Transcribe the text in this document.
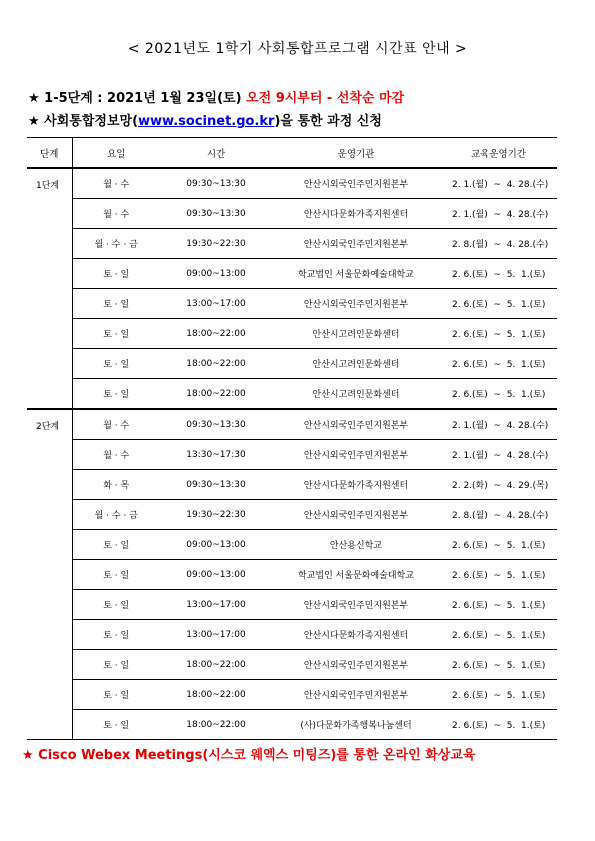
< 2021년도 1학기 사회통합프로그램 시간표 안내 >
★ 1-5단계 : 2021년 1월 23일(토) 오전 9시부터 - 선착순 마감
★ 사회통합정보망(www.socinet.go.kr)을 통한 과정 신청
단계	요일	시간	운영기관	교육운영기간
1단계	월 · 수	09:30~13:30	안산시외국인주민지원본부	2. 1.(월)  ~  4. 28.(수)
	월 · 수	09:30~13:30	안산시다문화가족지원센터	2. 1.(월)  ~  4. 28.(수)
	월 · 수 · 금	19:30~22:30	안산시외국인주민지원본부	2. 8.(월)  ~  4. 28.(수)
	토 · 일	09:00~13:00	학교법인 서울문화예술대학교	2. 6.(토)  ~  5.  1.(토)
	토 · 일	13:00~17:00	안산시외국인주민지원본부	2. 6.(토)  ~  5.  1.(토)
	토 · 일	18:00~22:00	안산시고려인문화센터	2. 6.(토)  ~  5.  1.(토)
	토 · 일	18:00~22:00	안산시고려인문화센터	2. 6.(토)  ~  5.  1.(토)
	토 · 일	18:00~22:00	안산시고려인문화센터	2. 6.(토)  ~  5.  1.(토)
2단계	월 · 수	09:30~13:30	안산시외국인주민지원본부	2. 1.(월)  ~  4. 28.(수)
	월 · 수	13:30~17:30	안산시외국인주민지원본부	2. 1.(월)  ~  4. 28.(수)
	화 · 목	09:30~13:30	안산시다문화가족지원센터	2. 2.(화)  ~  4. 29.(목)
	월 · 수 · 금	19:30~22:30	안산시외국인주민지원본부	2. 8.(월)  ~  4. 28.(수)
	토 · 일	09:00~13:00	안산용신학교	2. 6.(토)  ~  5.  1.(토)
	토 · 일	09:00~13:00	학교법인 서울문화예술대학교	2. 6.(토)  ~  5.  1.(토)
	토 · 일	13:00~17:00	안산시외국인주민지원본부	2. 6.(토)  ~  5.  1.(토)
	토 · 일	13:00~17:00	안산시다문화가족지원센터	2. 6.(토)  ~  5.  1.(토)
	토 · 일	18:00~22:00	안산시외국인주민지원본부	2. 6.(토)  ~  5.  1.(토)
	토 · 일	18:00~22:00	안산시외국인주민지원본부	2. 6.(토)  ~  5.  1.(토)
	토 · 일	18:00~22:00	(사)다문화가족행복나눔센터	2. 6.(토)  ~  5.  1.(토)
★ Cisco Webex Meetings(시스코 웨엑스 미팅즈)를 통한 온라인 화상교육
